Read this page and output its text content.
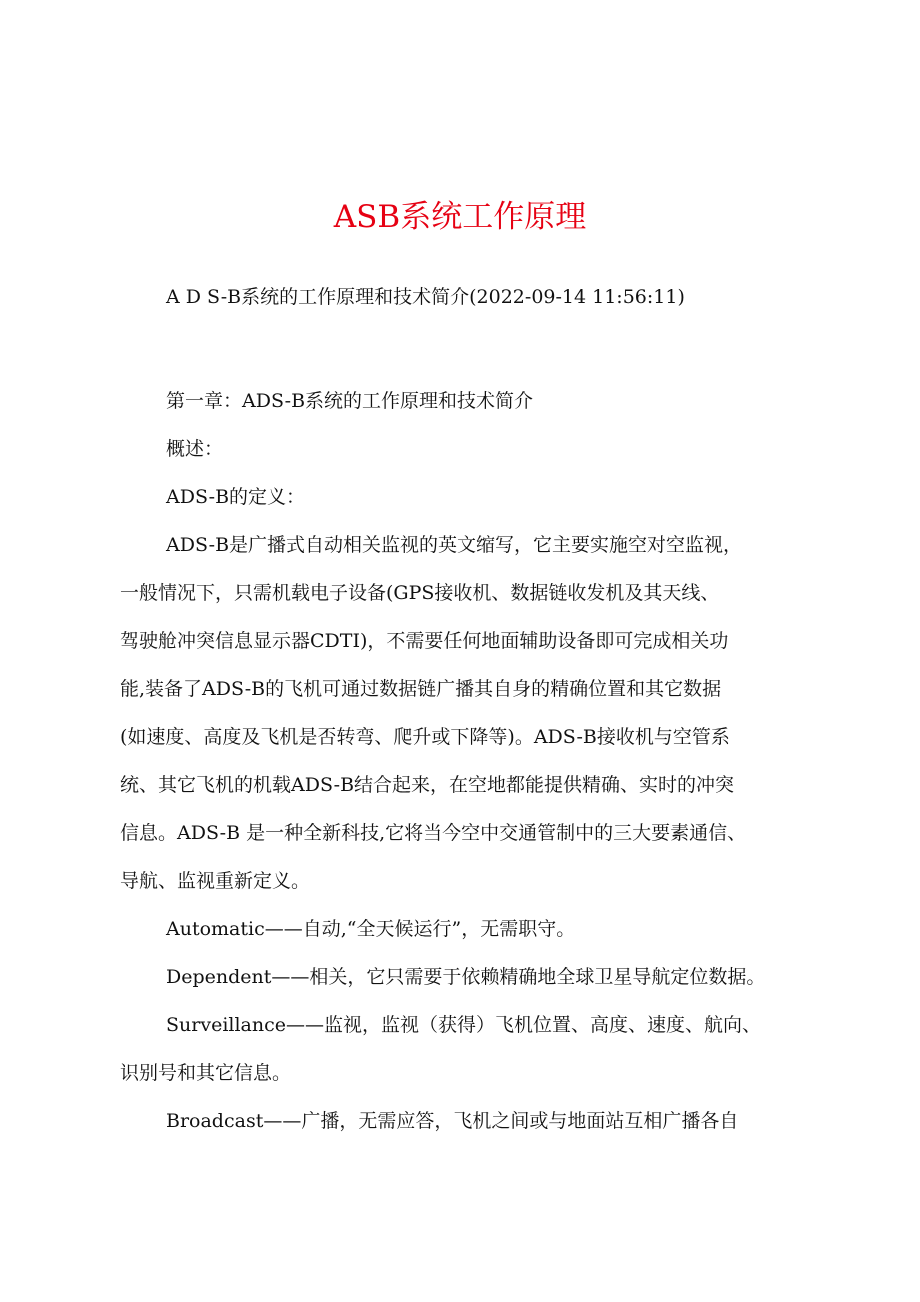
ASB系统工作原理
A D S-B系统的工作原理和技术简介(2022-09-14 11:56:11)

第一章：ADS-B系统的工作原理和技术简介

概述：

ADS-B的定义：

ADS-B是广播式自动相关监视的英文缩写，它主要实施空对空监视，
一般情况下，只需机载电子设备(GPS接收机、数据链收发机及其天线、
驾驶舱冲突信息显示器CDTI)，不需要任何地面辅助设备即可完成相关功
能,装备了ADS-B的飞机可通过数据链广播其自身的精确位置和其它数据
(如速度、高度及飞机是否转弯、爬升或下降等)。ADS-B接收机与空管系
统、其它飞机的机载ADS-B结合起来，在空地都能提供精确、实时的冲突
信息。ADS-B 是一种全新科技,它将当今空中交通管制中的三大要素通信、
导航、监视重新定义。

Automatic——自动,“全天候运行”，无需职守。

Dependent——相关，它只需要于依赖精确地全球卫星导航定位数据。

Surveillance——监视，监视（获得）飞机位置、高度、速度、航向、
识别号和其它信息。

Broadcast——广播，无需应答，飞机之间或与地面站互相广播各自
